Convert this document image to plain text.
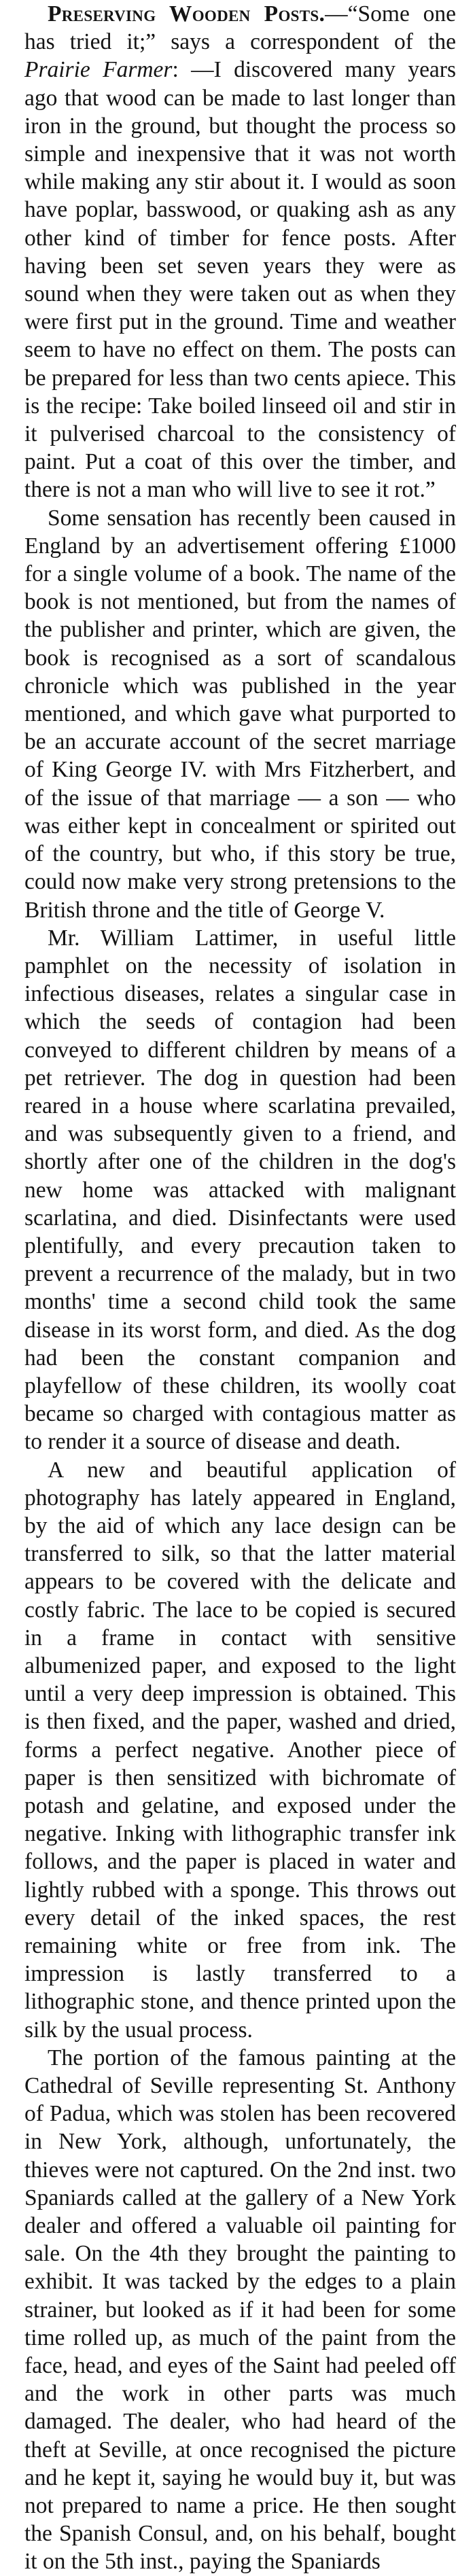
Preserving Wooden Posts.—“Some one has tried it;” says a correspondent of the Prairie Farmer: —I discovered many years ago that wood can be made to last longer than iron in the ground, but thought the process so simple and inexpensive that it was not worth while making any stir about it. I would as soon have poplar, basswood, or quaking ash as any other kind of timber for fence posts. After having been set seven years they were as sound when they were taken out as when they were first put in the ground. Time and weather seem to have no effect on them. The posts can be prepared for less than two cents apiece. This is the recipe: Take boiled linseed oil and stir in it pulverised charcoal to the consistency of paint. Put a coat of this over the timber, and there is not a man who will live to see it rot.”

Some sensation has recently been caused in England by an advertisement offering £1000 for a single volume of a book. The name of the book is not mentioned, but from the names of the publisher and printer, which are given, the book is recognised as a sort of scandalous chronicle which was published in the year mentioned, and which gave what purported to be an accurate account of the secret marriage of King George IV. with Mrs Fitzherbert, and of the issue of that marriage — a son — who was either kept in concealment or spirited out of the country, but who, if this story be true, could now make very strong pretensions to the British throne and the title of George V.

Mr. William Lattimer, in useful little pamphlet on the necessity of isolation in infectious diseases, relates a singular case in which the seeds of contagion had been conveyed to different children by means of a pet retriever. The dog in question had been reared in a house where scarlatina prevailed, and was subsequently given to a friend, and shortly after one of the children in the dog's new home was attacked with malignant scarlatina, and died. Disinfectants were used plentifully, and every precaution taken to prevent a recurrence of the malady, but in two months' time a second child took the same disease in its worst form, and died. As the dog had been the constant companion and playfellow of these children, its woolly coat became so charged with contagious matter as to render it a source of disease and death.

A new and beautiful application of photography has lately appeared in England, by the aid of which any lace design can be transferred to silk, so that the latter material appears to be covered with the delicate and costly fabric. The lace to be copied is secured in a frame in contact with sensitive albumenized paper, and exposed to the light until a very deep impression is obtained. This is then fixed, and the paper, washed and dried, forms a perfect negative. Another piece of paper is then sensitized with bichromate of potash and gelatine, and exposed under the negative. Inking with lithographic transfer ink follows, and the paper is placed in water and lightly rubbed with a sponge. This throws out every detail of the inked spaces, the rest remaining white or free from ink. The impression is lastly transferred to a lithographic stone, and thence printed upon the silk by the usual process.

The portion of the famous painting at the Cathedral of Seville representing St. Anthony of Padua, which was stolen has been recovered in New York, although, unfortunately, the thieves were not captured. On the 2nd inst. two Spaniards called at the gallery of a New York dealer and offered a valuable oil painting for sale. On the 4th they brought the painting to exhibit. It was tacked by the edges to a plain strainer, but looked as if it had been for some time rolled up, as much of the paint from the face, head, and eyes of the Saint had peeled off and the work in other parts was much damaged. The dealer, who had heard of the theft at Seville, at once recognised the picture and he kept it, saying he would buy it, but was not prepared to name a price. He then sought the Spanish Consul, and, on his behalf, bought it on the 5th inst., paying the Spaniards
